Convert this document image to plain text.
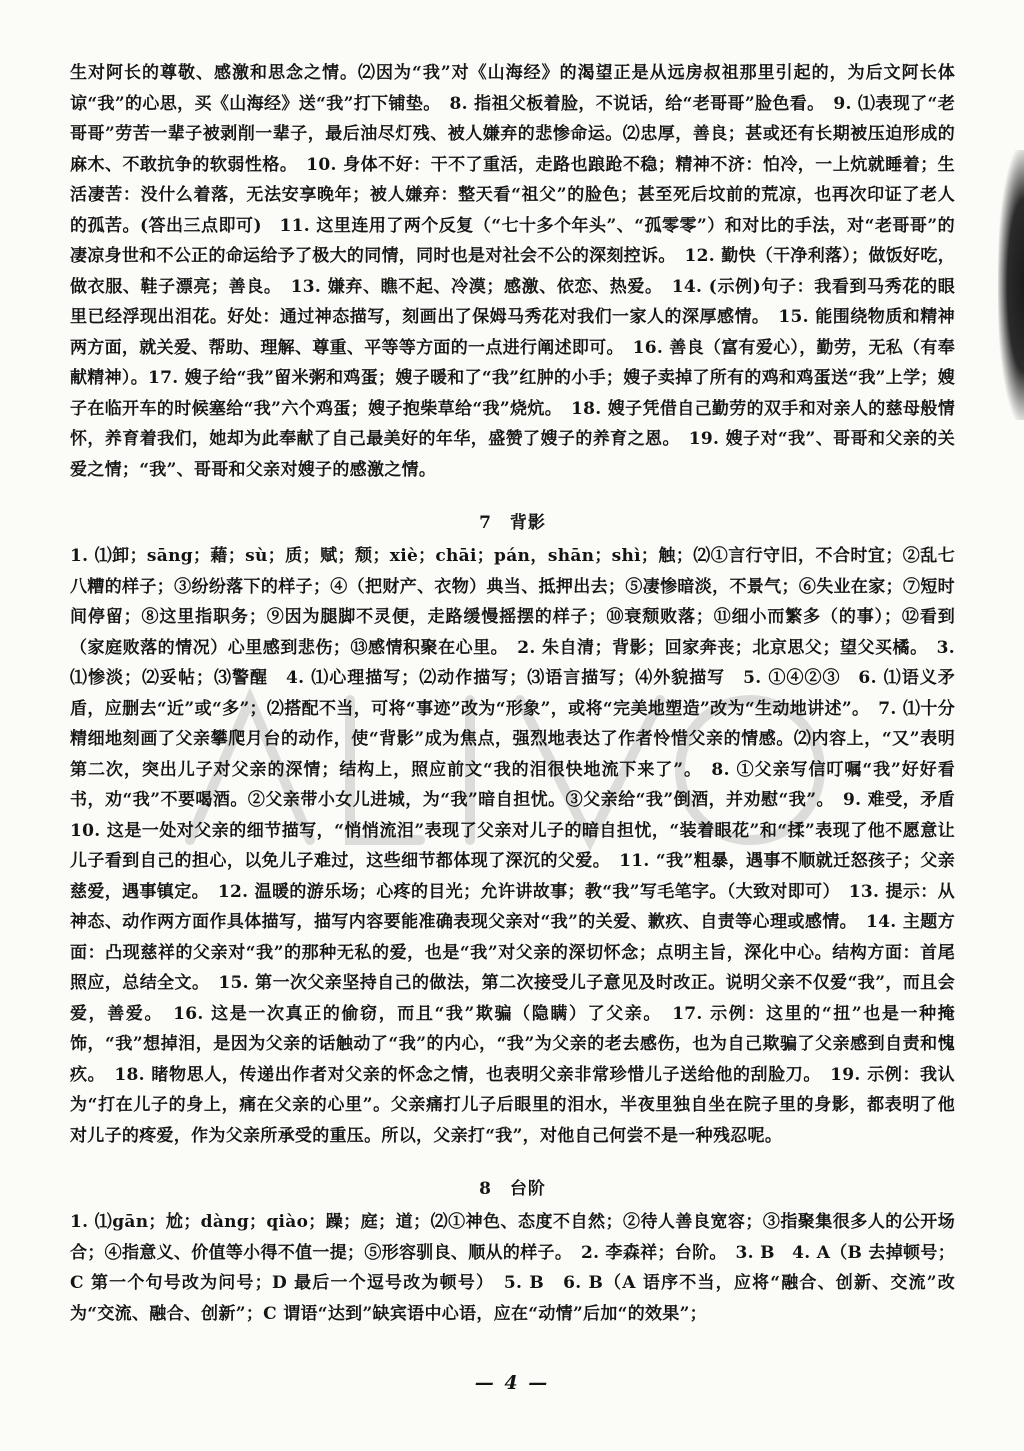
生对阿长的尊敬、感激和思念之情。⑵因为“我”对《山海经》的渴望正是从远房叔祖那里引起的，为后文阿长体谅“我”的心思，买《山海经》送“我”打下铺垫。　8. 指祖父板着脸，不说话，给“老哥哥”脸色看。　9. ⑴表现了“老哥哥”劳苦一辈子被剥削一辈子，最后油尽灯残、被人嫌弃的悲惨命运。⑵忠厚，善良；甚或还有长期被压迫形成的麻木、不敢抗争的软弱性格。　10. 身体不好：干不了重活，走路也踉跄不稳；精神不济：怕冷，一上炕就睡着；生活凄苦：没什么着落，无法安享晚年；被人嫌弃：整天看“祖父”的脸色；甚至死后坟前的荒凉，也再次印证了老人的孤苦。(答出三点即可)　11. 这里连用了两个反复（“七十多个年头”、“孤零零”）和对比的手法，对“老哥哥”的凄凉身世和不公正的命运给予了极大的同情，同时也是对社会不公的深刻控诉。　12. 勤快（干净利落）；做饭好吃，做衣服、鞋子漂亮；善良。　13. 嫌弃、瞧不起、冷漠；感激、依恋、热爱。　14. (示例)句子：我看到马秀花的眼里已经浮现出泪花。好处：通过神态描写，刻画出了保姆马秀花对我们一家人的深厚感情。　15. 能围绕物质和精神两方面，就关爱、帮助、理解、尊重、平等等方面的一点进行阐述即可。　16. 善良（富有爱心），勤劳，无私（有奉献精神）。17. 嫂子给“我”留米粥和鸡蛋；嫂子暖和了“我”红肿的小手；嫂子卖掉了所有的鸡和鸡蛋送“我”上学；嫂子在临开车的时候塞给“我”六个鸡蛋；嫂子抱柴草给“我”烧炕。　18. 嫂子凭借自己勤劳的双手和对亲人的慈母般情怀，养育着我们，她却为此奉献了自己最美好的年华，盛赞了嫂子的养育之恩。　19. 嫂子对“我”、哥哥和父亲的关爱之情；“我”、哥哥和父亲对嫂子的感激之情。

7　背影

1. ⑴卸；sāng；藉；sù；质；赋；颓；xiè；chāi；pán，shān；shì；触；⑵①言行守旧，不合时宜；②乱七八糟的样子；③纷纷落下的样子；④（把财产、衣物）典当、抵押出去；⑤凄惨暗淡，不景气；⑥失业在家；⑦短时间停留；⑧这里指职务；⑨因为腿脚不灵便，走路缓慢摇摆的样子；⑩衰颓败落；⑪细小而繁多（的事）；⑫看到（家庭败落的情况）心里感到悲伤；⑬感情积聚在心里。　2. 朱自清；背影；回家奔丧；北京思父；望父买橘。　3. ⑴惨淡；⑵妥帖；⑶警醒　4. ⑴心理描写；⑵动作描写；⑶语言描写；⑷外貌描写　5. ①④②③　6. ⑴语义矛盾，应删去“近”或“多”；⑵搭配不当，可将“事迹”改为“形象”，或将“完美地塑造”改为“生动地讲述”。　7. ⑴十分精细地刻画了父亲攀爬月台的动作，使“背影”成为焦点，强烈地表达了作者怜惜父亲的情感。⑵内容上，“又”表明第二次，突出儿子对父亲的深情；结构上，照应前文“我的泪很快地流下来了”。　8. ①父亲写信叮嘱“我”好好看书，劝“我”不要喝酒。②父亲带小女儿进城，为“我”暗自担忧。③父亲给“我”倒酒，并劝慰“我”。　9. 难受，矛盾　10. 这是一处对父亲的细节描写，“悄悄流泪”表现了父亲对儿子的暗自担忧，“装着眼花”和“揉”表现了他不愿意让儿子看到自己的担心，以免儿子难过，这些细节都体现了深沉的父爱。　11. “我”粗暴，遇事不顺就迁怒孩子；父亲慈爱，遇事镇定。　12. 温暖的游乐场；心疼的目光；允许讲故事；教“我”写毛笔字。（大致对即可）　13. 提示：从神态、动作两方面作具体描写，描写内容要能准确表现父亲对“我”的关爱、歉疚、自责等心理或感情。　14. 主题方面：凸现慈祥的父亲对“我”的那种无私的爱，也是“我”对父亲的深切怀念；点明主旨，深化中心。结构方面：首尾照应，总结全文。　15. 第一次父亲坚持自己的做法，第二次接受儿子意见及时改正。说明父亲不仅爱“我”，而且会爱，善爱。　16. 这是一次真正的偷窃，而且“我”欺骗（隐瞒）了父亲。　17. 示例：这里的“扭”也是一种掩饰，“我”想掉泪，是因为父亲的话触动了“我”的内心，“我”为父亲的老去感伤，也为自己欺骗了父亲感到自责和愧疚。　18. 睹物思人，传递出作者对父亲的怀念之情，也表明父亲非常珍惜儿子送给他的刮脸刀。　19. 示例：我认为“打在儿子的身上，痛在父亲的心里”。父亲痛打儿子后眼里的泪水，半夜里独自坐在院子里的身影，都表明了他对儿子的疼爱，作为父亲所承受的重压。所以，父亲打“我”，对他自己何尝不是一种残忍呢。

8　台阶

1. ⑴gān；尬；dàng；qiào；躁；庭；道；⑵①神色、态度不自然；②待人善良宽容；③指聚集很多人的公开场合；④指意义、价值等小得不值一提；⑤形容驯良、顺从的样子。　2. 李森祥；台阶。　3. B　4. A（B 去掉顿号；C 第一个句号改为问号；D 最后一个逗号改为顿号）　5. B　6. B（A 语序不当，应将“融合、创新、交流”改为“交流、融合、创新”；C 谓语“达到”缺宾语中心语，应在“动情”后加“的效果”；

— 4 —
